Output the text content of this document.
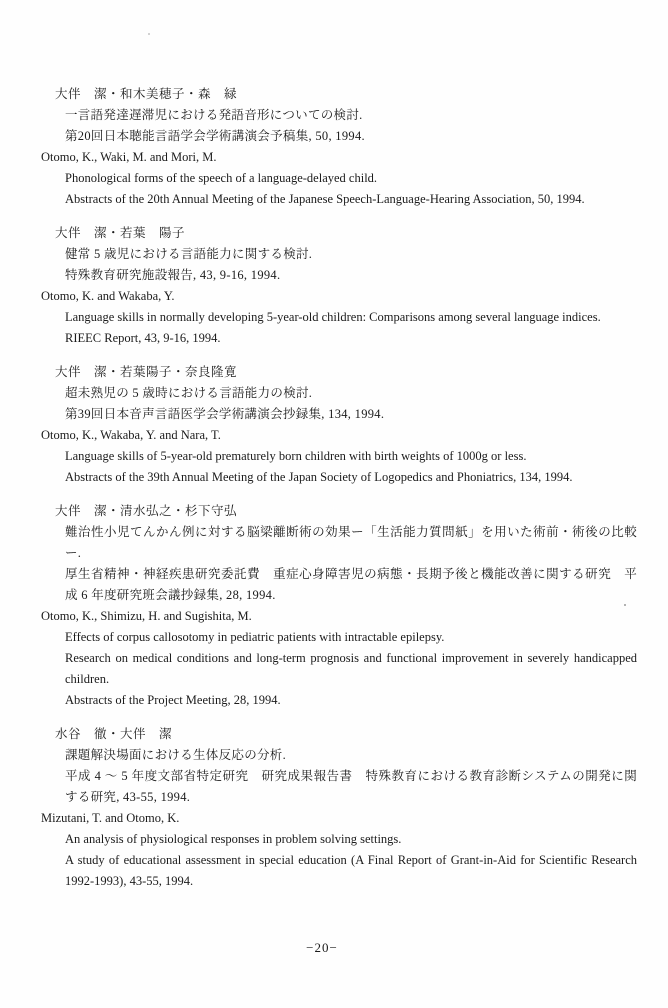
大伴　潔・和木美穂子・森　緑
一言語発達遅滞児における発語音形についての検討.
第20回日本聴能言語学会学術講演会予稿集, 50, 1994.
Otomo, K., Waki, M. and Mori, M.
Phonological forms of the speech of a language-delayed child.
Abstracts of the 20th Annual Meeting of the Japanese Speech-Language-Hearing Association, 50, 1994.
大伴　潔・若葉　陽子
健常 5 歳児における言語能力に関する検討.
特殊教育研究施設報告, 43, 9-16, 1994.
Otomo, K. and Wakaba, Y.
Language skills in normally developing 5-year-old children: Comparisons among several language indices.
RIEEC Report, 43, 9-16, 1994.
大伴　潔・若葉陽子・奈良隆寛
超未熟児の 5 歳時における言語能力の検討.
第39回日本音声言語医学会学術講演会抄録集, 134, 1994.
Otomo, K., Wakaba, Y. and Nara, T.
Language skills of 5-year-old prematurely born children with birth weights of 1000g or less.
Abstracts of the 39th Annual Meeting of the Japan Society of Logopedics and Phoniatrics, 134, 1994.
大伴　潔・清水弘之・杉下守弘
難治性小児てんかん例に対する脳梁離断術の効果ー「生活能力質問紙」を用いた術前・術後の比較ー.
厚生省精神・神経疾患研究委託費　重症心身障害児の病態・長期予後と機能改善に関する研究　平成 6 年度研究班会議抄録集, 28, 1994.
Otomo, K., Shimizu, H. and Sugishita, M.
Effects of corpus callosotomy in pediatric patients with intractable epilepsy.
Research on medical conditions and long-term prognosis and functional improvement in severely handicapped children.
Abstracts of the Project Meeting, 28, 1994.
水谷　徹・大伴　潔
課題解決場面における生体反応の分析.
平成 4 ～ 5 年度文部省特定研究　研究成果報告書　特殊教育における教育診断システムの開発に関する研究, 43-55, 1994.
Mizutani, T. and Otomo, K.
An analysis of physiological responses in problem solving settings.
A study of educational assessment in special education (A Final Report of Grant-in-Aid for Scientific Research 1992-1993), 43-55, 1994.
−20−
